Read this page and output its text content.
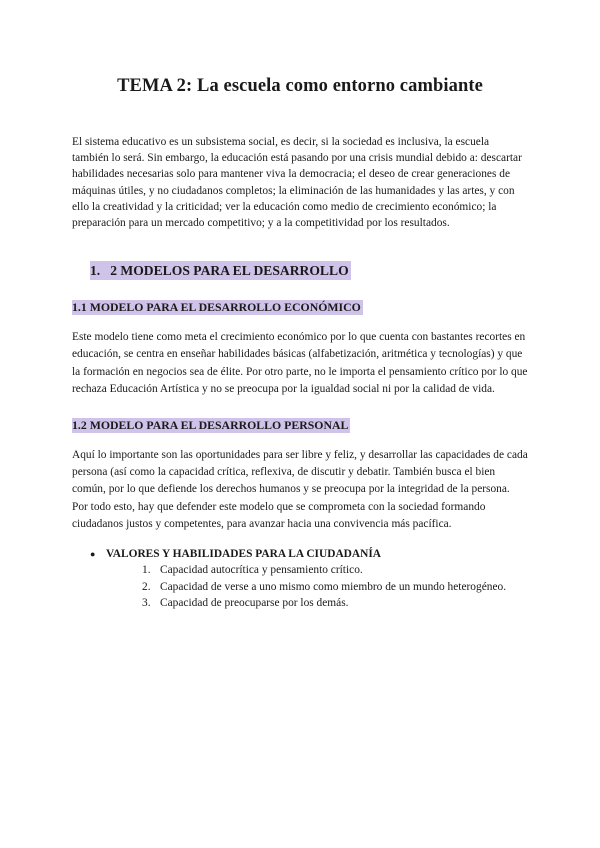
TEMA 2: La escuela como entorno cambiante

El sistema educativo es un subsistema social, es decir, si la sociedad es inclusiva, la escuela también lo será. Sin embargo, la educación está pasando por una crisis mundial debido a: descartar habilidades necesarias solo para mantener viva la democracia; el deseo de crear generaciones de máquinas útiles, y no ciudadanos completos; la eliminación de las humanidades y las artes, y con ello la creatividad y la criticidad; ver la educación como medio de crecimiento económico; la preparación para un mercado competitivo; y a la competitividad por los resultados.

1. 2 MODELOS PARA EL DESARROLLO
1.1 MODELO PARA EL DESARROLLO ECONÓMICO

Este modelo tiene como meta el crecimiento económico por lo que cuenta con bastantes recortes en educación, se centra en enseñar habilidades básicas (alfabetización, aritmética y tecnologías) y que la formación en negocios sea de élite. Por otro parte, no le importa el pensamiento crítico por lo que rechaza Educación Artística y no se preocupa por la igualdad social ni por la calidad de vida.

1.2 MODELO PARA EL DESARROLLO PERSONAL

Aquí lo importante son las oportunidades para ser libre y feliz, y desarrollar las capacidades de cada persona (así como la capacidad crítica, reflexiva, de discutir y debatir. También busca el bien común, por lo que defiende los derechos humanos y se preocupa por la integridad de la persona. Por todo esto, hay que defender este modelo que se comprometa con la sociedad formando ciudadanos justos y competentes, para avanzar hacia una convivencia más pacífica.

● VALORES Y HABILIDADES PARA LA CIUDADANÍA
1. Capacidad autocrítica y pensamiento crítico.
2. Capacidad de verse a uno mismo como miembro de un mundo heterogéneo.
3. Capacidad de preocuparse por los demás.
